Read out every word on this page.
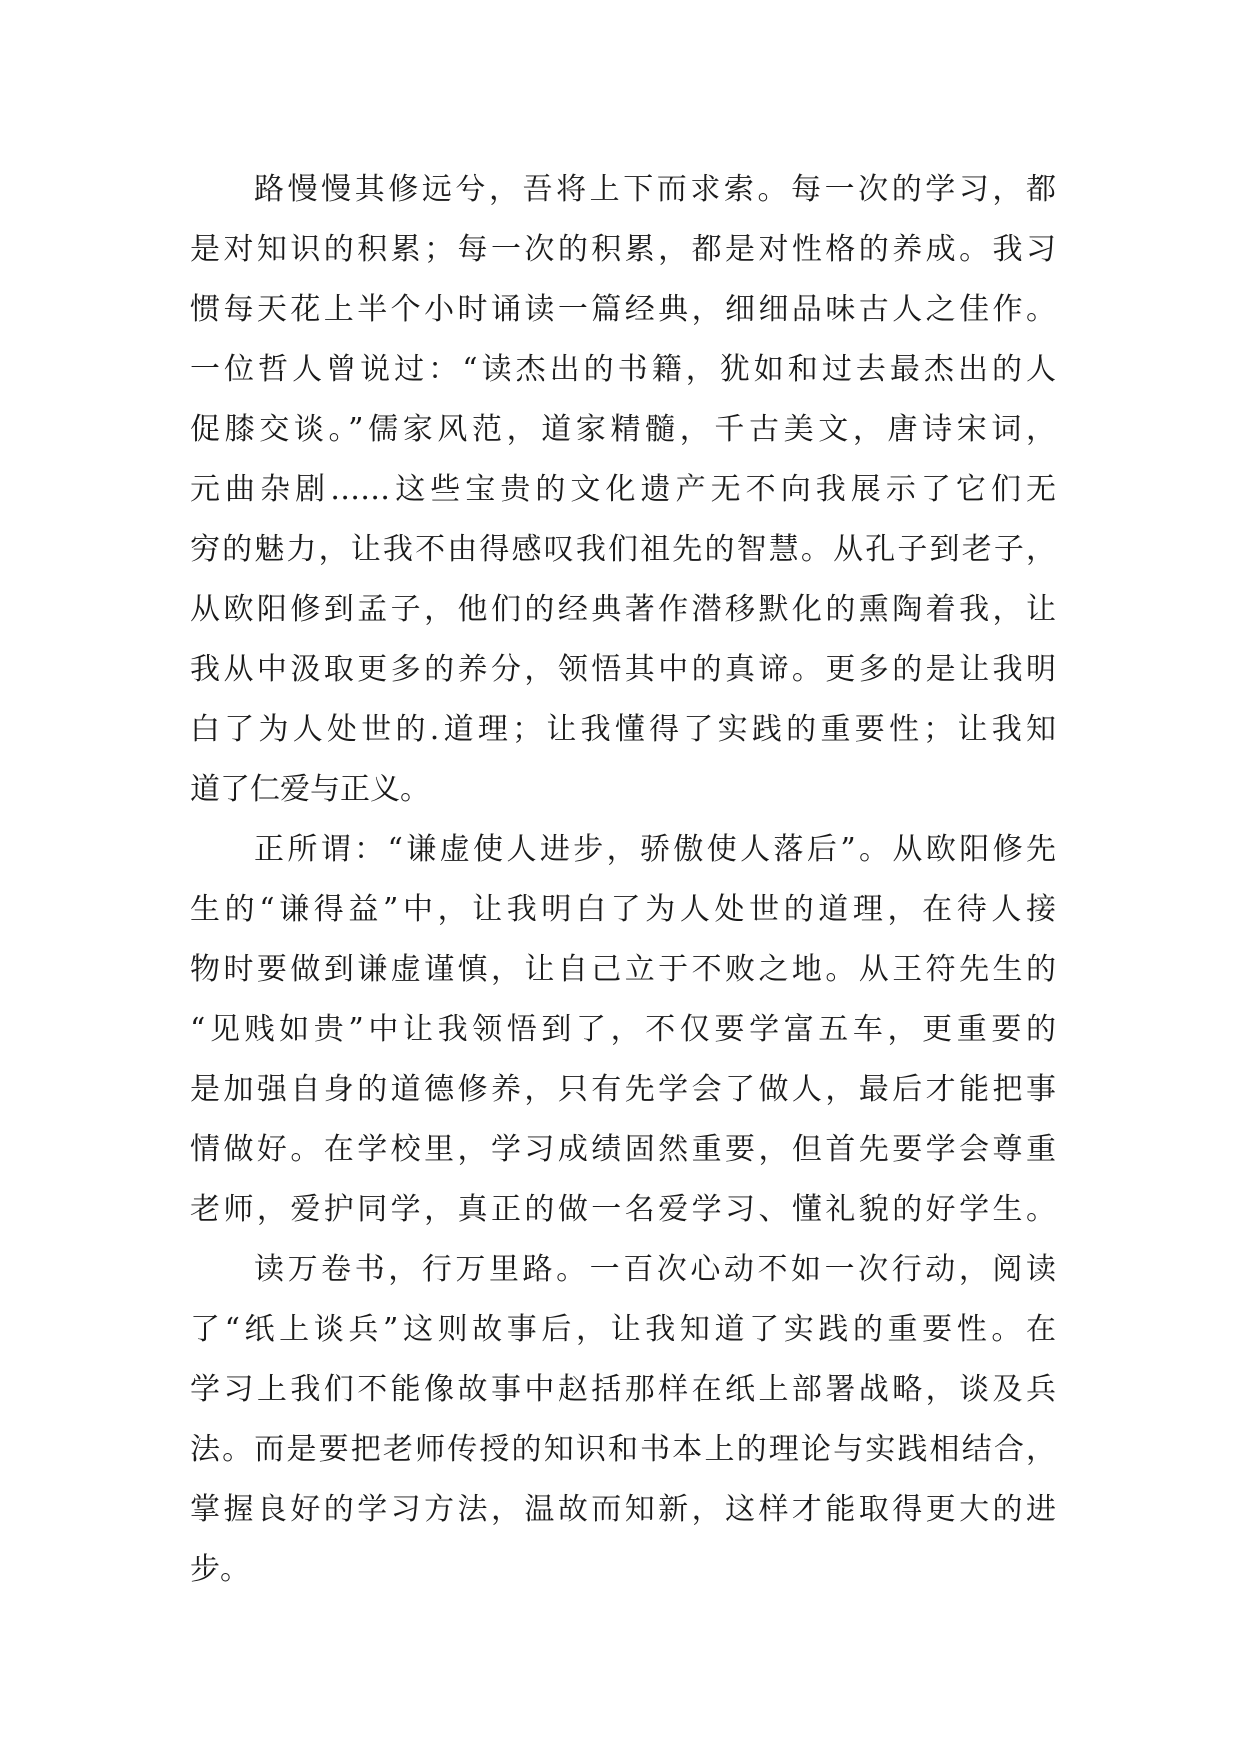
路慢慢其修远兮，吾将上下而求索。每一次的学习，都
是对知识的积累；每一次的积累，都是对性格的养成。我习
惯每天花上半个小时诵读一篇经典，细细品味古人之佳作。
一位哲人曾说过：“读杰出的书籍，犹如和过去最杰出的人
促膝交谈。”儒家风范，道家精髓，千古美文，唐诗宋词，
元曲杂剧……这些宝贵的文化遗产无不向我展示了它们无
穷的魅力，让我不由得感叹我们祖先的智慧。从孔子到老子，
从欧阳修到孟子，他们的经典著作潜移默化的熏陶着我，让
我从中汲取更多的养分，领悟其中的真谛。更多的是让我明
白了为人处世的.道理；让我懂得了实践的重要性；让我知
道了仁爱与正义。
正所谓：“谦虚使人进步，骄傲使人落后”。从欧阳修先
生的“谦得益”中，让我明白了为人处世的道理，在待人接
物时要做到谦虚谨慎，让自己立于不败之地。从王符先生的
“见贱如贵”中让我领悟到了，不仅要学富五车，更重要的
是加强自身的道德修养，只有先学会了做人，最后才能把事
情做好。在学校里，学习成绩固然重要，但首先要学会尊重
老师，爱护同学，真正的做一名爱学习、懂礼貌的好学生。
读万卷书，行万里路。一百次心动不如一次行动，阅读
了“纸上谈兵”这则故事后，让我知道了实践的重要性。在
学习上我们不能像故事中赵括那样在纸上部署战略，谈及兵
法。而是要把老师传授的知识和书本上的理论与实践相结合，
掌握良好的学习方法，温故而知新，这样才能取得更大的进
步。
